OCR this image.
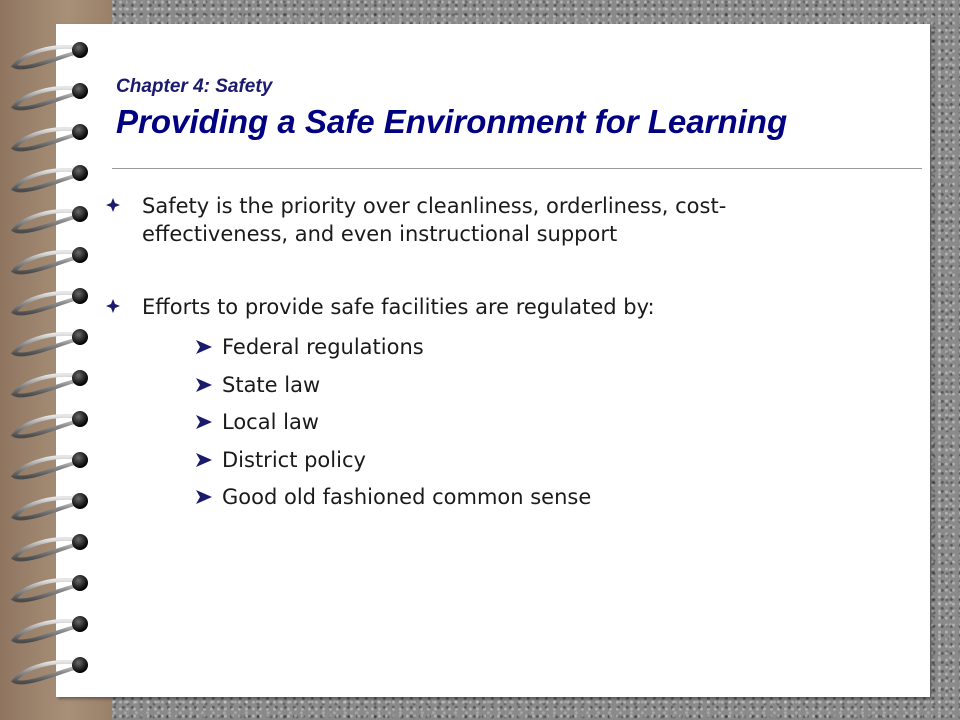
Chapter 4: Safety
Providing a Safe Environment for Learning
Safety is the priority over cleanliness, orderliness, cost-effectiveness, and even instructional support
Efforts to provide safe facilities are regulated by:
Federal regulations
State law
Local law
District policy
Good old fashioned common sense
